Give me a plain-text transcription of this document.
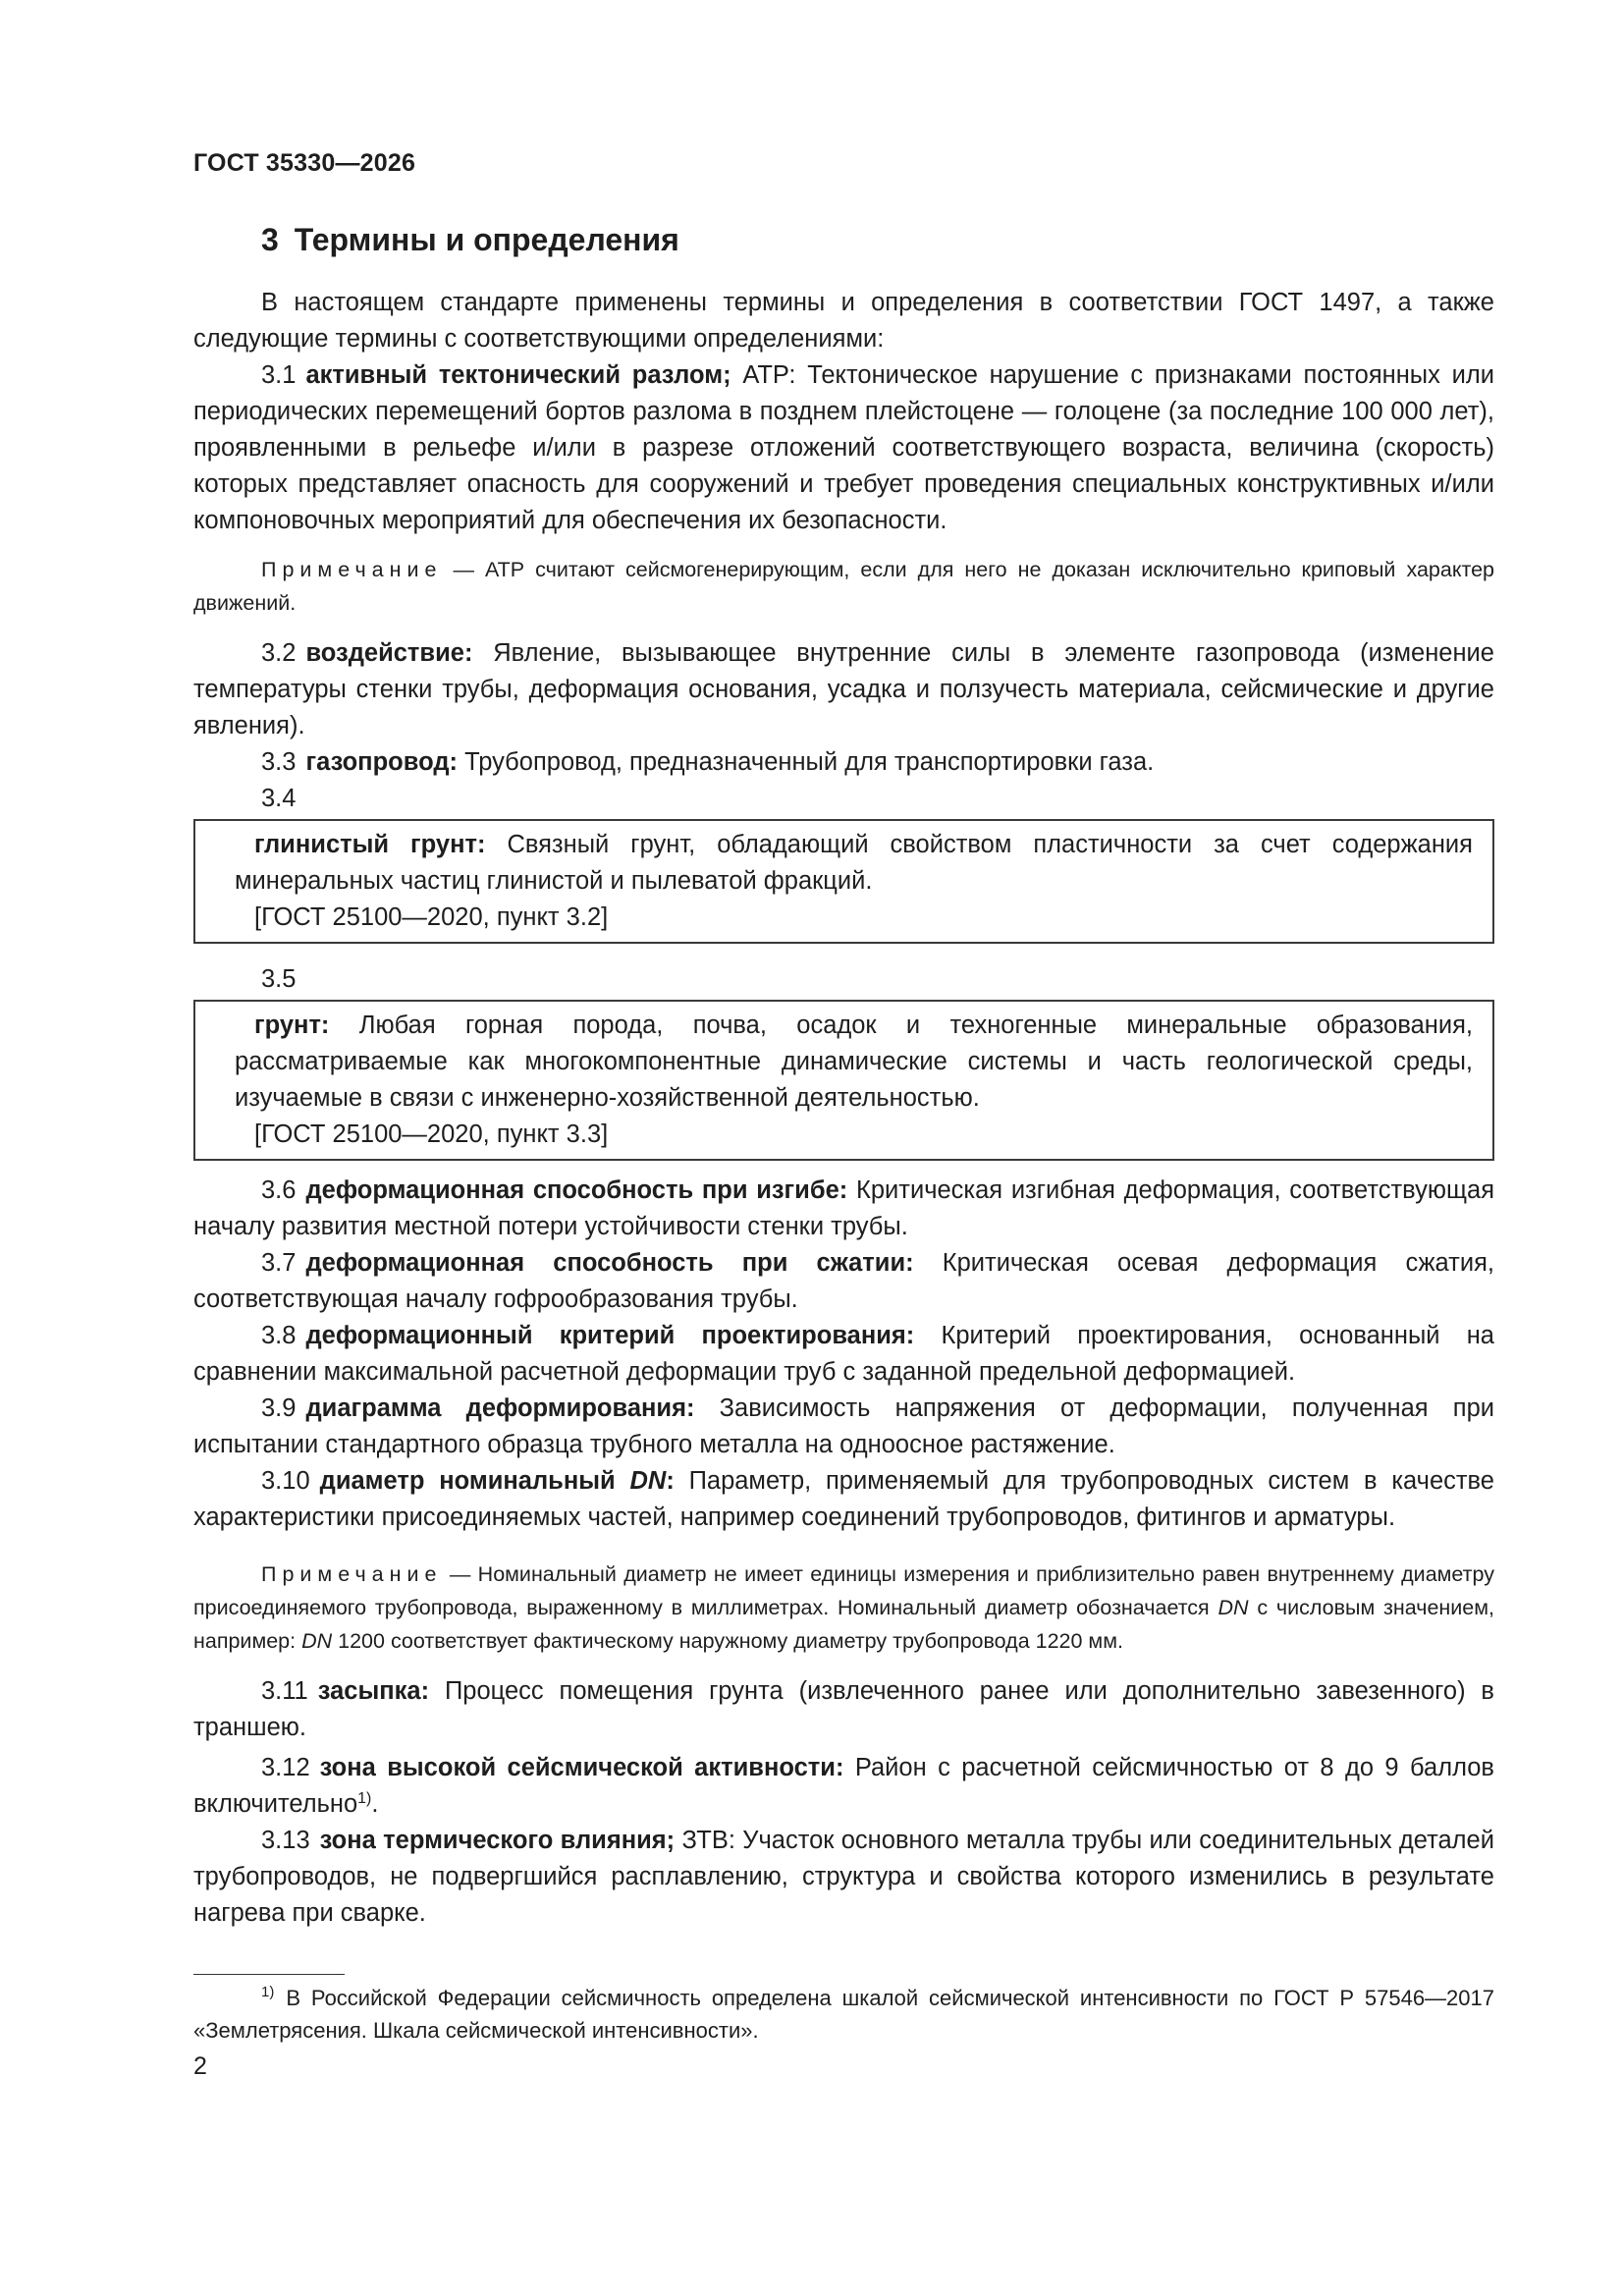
ГОСТ 35330—2026
3 Термины и определения

В настоящем стандарте применены термины и определения в соответствии ГОСТ 1497, а также следующие термины с соответствующими определениями:

3.1 активный тектонический разлом; АТР: Тектоническое нарушение с признаками постоянных или периодических перемещений бортов разлома в позднем плейстоцене — голоцене (за последние 100 000 лет), проявленными в рельефе и/или в разрезе отложений соответствующего возраста, величина (скорость) которых представляет опасность для сооружений и требует проведения специальных конструктивных и/или компоновочных мероприятий для обеспечения их безопасности.

Примечание — АТР считают сейсмогенерирующим, если для него не доказан исключительно криповый характер движений.

3.2 воздействие: Явление, вызывающее внутренние силы в элементе газопровода (изменение температуры стенки трубы, деформация основания, усадка и ползучесть материала, сейсмические и другие явления).

3.3 газопровод: Трубопровод, предназначенный для транспортировки газа.

3.4

глинистый грунт: Связный грунт, обладающий свойством пластичности за счет содержания минеральных частиц глинистой и пылеватой фракций.

[ГОСТ 25100—2020, пункт 3.2]

3.5

грунт: Любая горная порода, почва, осадок и техногенные минеральные образования, рассматриваемые как многокомпонентные динамические системы и часть геологической среды, изучаемые в связи с инженерно-хозяйственной деятельностью.

[ГОСТ 25100—2020, пункт 3.3]

3.6 деформационная способность при изгибе: Критическая изгибная деформация, соответствующая началу развития местной потери устойчивости стенки трубы.

3.7 деформационная способность при сжатии: Критическая осевая деформация сжатия, соответствующая началу гофрообразования трубы.

3.8 деформационный критерий проектирования: Критерий проектирования, основанный на сравнении максимальной расчетной деформации труб с заданной предельной деформацией.

3.9 диаграмма деформирования: Зависимость напряжения от деформации, полученная при испытании стандартного образца трубного металла на одноосное растяжение.

3.10 диаметр номинальный DN: Параметр, применяемый для трубопроводных систем в качестве характеристики присоединяемых частей, например соединений трубопроводов, фитингов и арматуры.

Примечание — Номинальный диаметр не имеет единицы измерения и приблизительно равен внутреннему диаметру присоединяемого трубопровода, выраженному в миллиметрах. Номинальный диаметр обозначается DN с числовым значением, например: DN 1200 соответствует фактическому наружному диаметру трубопровода 1220 мм.

3.11 засыпка: Процесс помещения грунта (извлеченного ранее или дополнительно завезенного) в траншею.

3.12 зона высокой сейсмической активности: Район с расчетной сейсмичностью от 8 до 9 баллов включительно$^{1)}$.

3.13 зона термического влияния; ЗТВ: Участок основного металла трубы или соединительных деталей трубопроводов, не подвергшийся расплавлению, структура и свойства которого изменились в результате нагрева при сварке.

$^{1)}$ В Российской Федерации сейсмичность определена шкалой сейсмической интенсивности по ГОСТ Р 57546—2017 «Землетрясения. Шкала сейсмической интенсивности».

2
